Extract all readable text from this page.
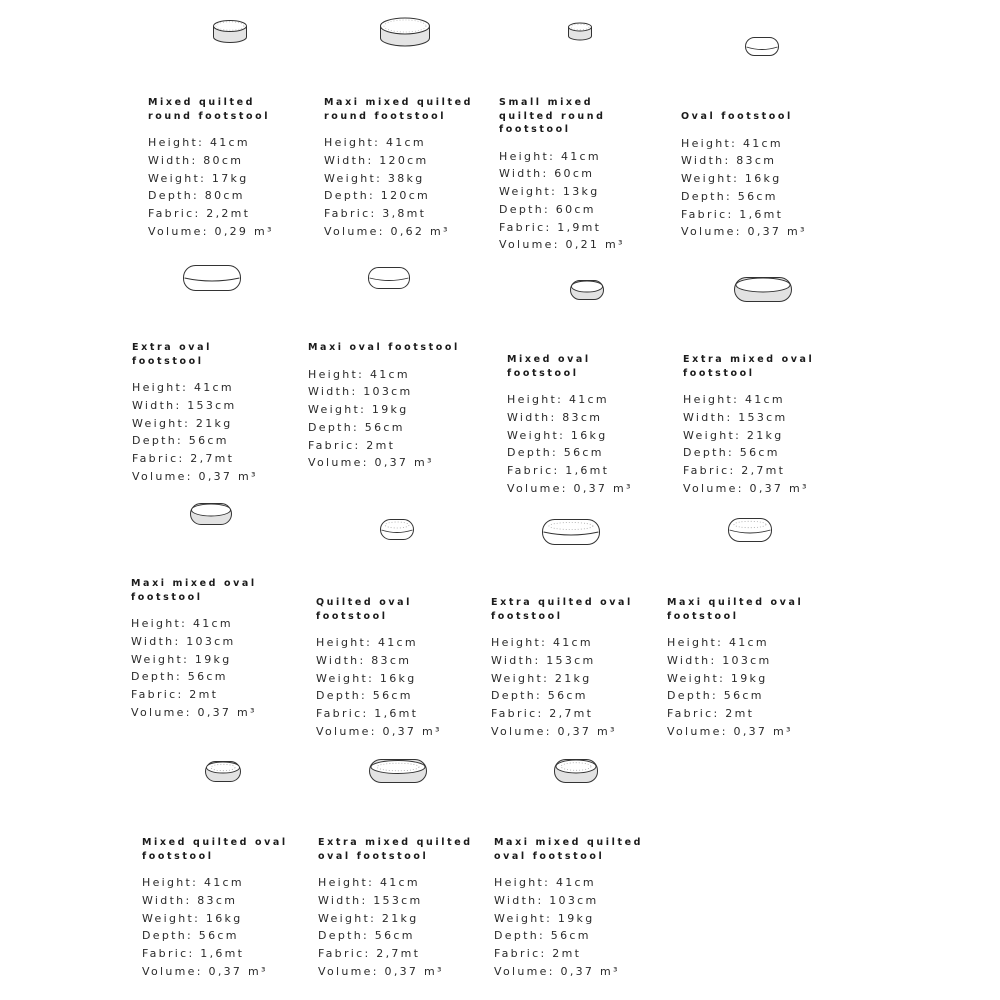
Mixed quilted
round footstool
Height: 41cm
Width: 80cm
Weight: 17kg
Depth: 80cm
Fabric: 2,2mt
Volume: 0,29 m³
Maxi mixed quilted
round footstool
Height: 41cm
Width: 120cm
Weight: 38kg
Depth: 120cm
Fabric: 3,8mt
Volume: 0,62 m³
Small mixed
quilted round
footstool
Height: 41cm
Width: 60cm
Weight: 13kg
Depth: 60cm
Fabric: 1,9mt
Volume: 0,21 m³
Oval footstool
Height: 41cm
Width: 83cm
Weight: 16kg
Depth: 56cm
Fabric: 1,6mt
Volume: 0,37 m³
Extra oval
footstool
Height: 41cm
Width: 153cm
Weight: 21kg
Depth: 56cm
Fabric: 2,7mt
Volume: 0,37 m³
Maxi oval footstool
Height: 41cm
Width: 103cm
Weight: 19kg
Depth: 56cm
Fabric: 2mt
Volume: 0,37 m³
Mixed oval
footstool
Height: 41cm
Width: 83cm
Weight: 16kg
Depth: 56cm
Fabric: 1,6mt
Volume: 0,37 m³
Extra mixed oval
footstool
Height: 41cm
Width: 153cm
Weight: 21kg
Depth: 56cm
Fabric: 2,7mt
Volume: 0,37 m³
Maxi mixed oval
footstool
Height: 41cm
Width: 103cm
Weight: 19kg
Depth: 56cm
Fabric: 2mt
Volume: 0,37 m³
Quilted oval
footstool
Height: 41cm
Width: 83cm
Weight: 16kg
Depth: 56cm
Fabric: 1,6mt
Volume: 0,37 m³
Extra quilted oval
footstool
Height: 41cm
Width: 153cm
Weight: 21kg
Depth: 56cm
Fabric: 2,7mt
Volume: 0,37 m³
Maxi quilted oval
footstool
Height: 41cm
Width: 103cm
Weight: 19kg
Depth: 56cm
Fabric: 2mt
Volume: 0,37 m³
Mixed quilted oval
footstool
Height: 41cm
Width: 83cm
Weight: 16kg
Depth: 56cm
Fabric: 1,6mt
Volume: 0,37 m³
Extra mixed quilted
oval footstool
Height: 41cm
Width: 153cm
Weight: 21kg
Depth: 56cm
Fabric: 2,7mt
Volume: 0,37 m³
Maxi mixed quilted
oval footstool
Height: 41cm
Width: 103cm
Weight: 19kg
Depth: 56cm
Fabric: 2mt
Volume: 0,37 m³
